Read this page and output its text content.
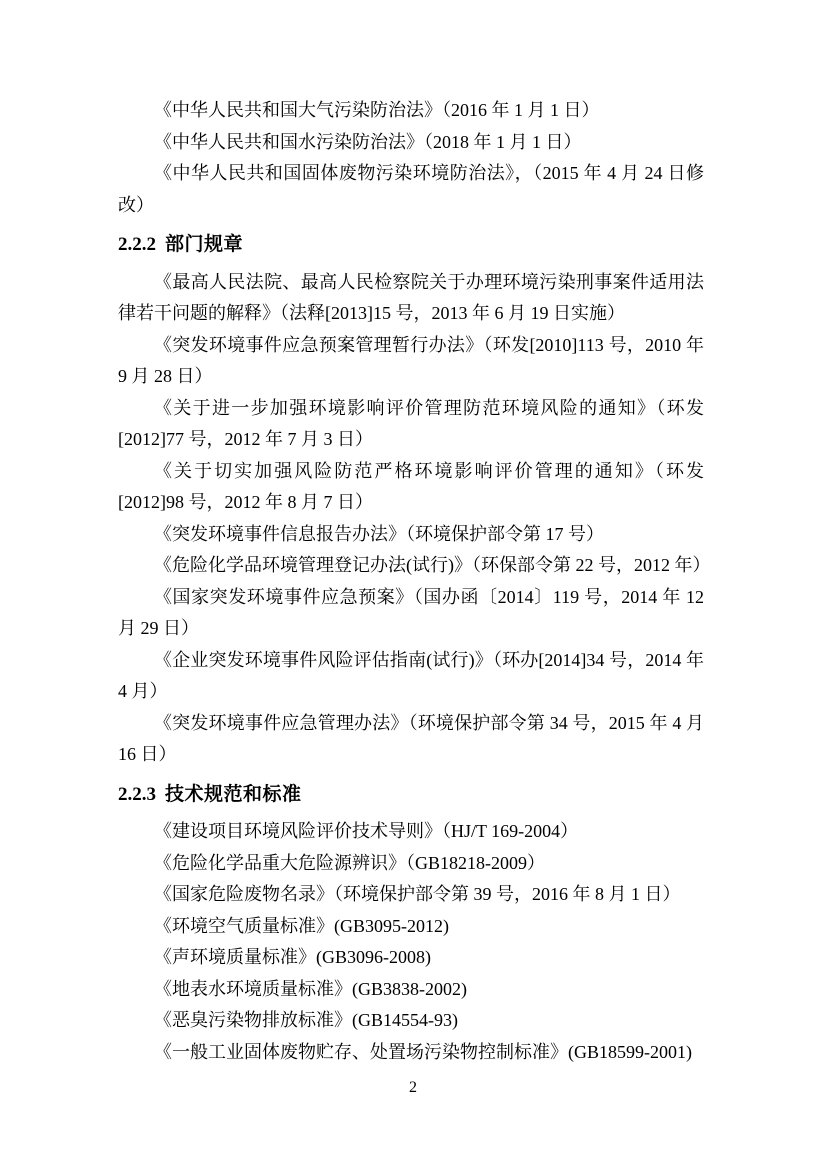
《中华人民共和国大气污染防治法》（2016 年 1 月 1 日）

《中华人民共和国水污染防治法》（2018 年 1 月 1 日）

《中华人民共和国固体废物污染环境防治法》，（2015 年 4 月 24 日修改）

2.2.2 部门规章

《最高人民法院、最高人民检察院关于办理环境污染刑事案件适用法律若干问题的解释》（法释[2013]15 号，2013 年 6 月 19 日实施）

《突发环境事件应急预案管理暂行办法》（环发[2010]113 号，2010 年 9 月 28 日）

《关于进一步加强环境影响评价管理防范环境风险的通知》（环发[2012]77 号，2012 年 7 月 3 日）

《关于切实加强风险防范严格环境影响评价管理的通知》（环发[2012]98 号，2012 年 8 月 7 日）

《突发环境事件信息报告办法》（环境保护部令第 17 号）

《危险化学品环境管理登记办法(试行)》（环保部令第 22 号，2012 年）

《国家突发环境事件应急预案》（国办函〔2014〕119 号，2014 年 12 月 29 日）

《企业突发环境事件风险评估指南(试行)》（环办[2014]34 号，2014 年 4 月）

《突发环境事件应急管理办法》（环境保护部令第 34 号，2015 年 4 月 16 日）

2.2.3 技术规范和标准

《建设项目环境风险评价技术导则》（HJ/T 169-2004）

《危险化学品重大危险源辨识》（GB18218-2009）

《国家危险废物名录》（环境保护部令第 39 号，2016 年 8 月 1 日）

《环境空气质量标准》(GB3095-2012)

《声环境质量标准》(GB3096-2008)

《地表水环境质量标准》(GB3838-2002)

《恶臭污染物排放标准》(GB14554-93)

《一般工业固体废物贮存、处置场污染物控制标准》(GB18599-2001)

2
